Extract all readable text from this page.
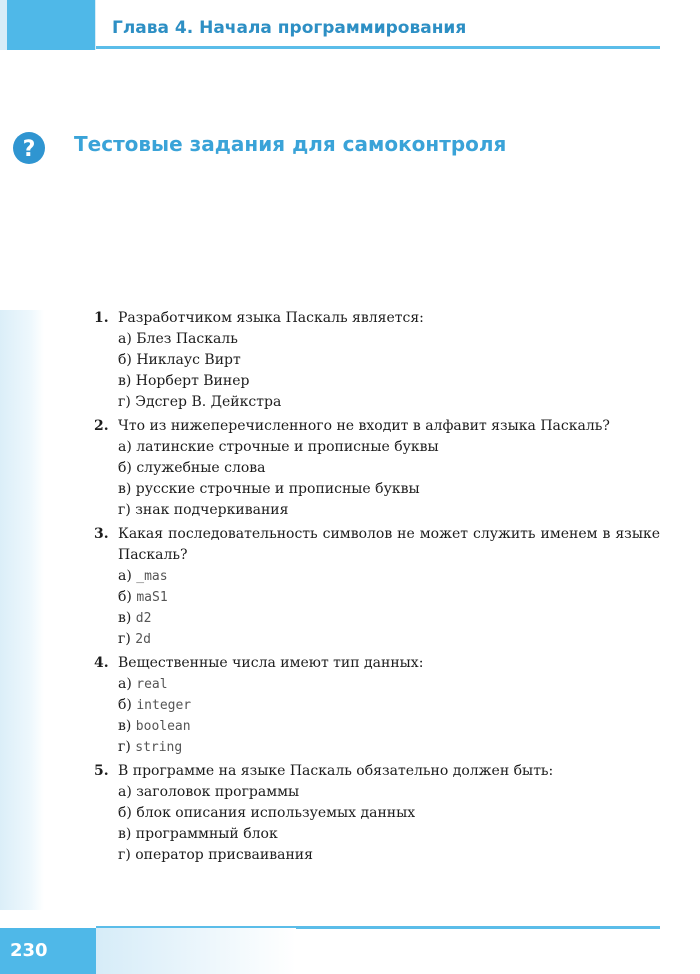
Глава 4. Начала программирования
? Тестовые задания для самоконтроля
1. Разработчиком языка Паскаль является:
а) Блез Паскаль
б) Никлаус Вирт
в) Норберт Винер
г) Эдсгер В. Дейкстра
2. Что из нижеперечисленного не входит в алфавит языка Паскаль?
а) латинские строчные и прописные буквы
б) служебные слова
в) русские строчные и прописные буквы
г) знак подчеркивания
3. Какая последовательность символов не может служить именем в языке Паскаль?
а) _mas
б) maS1
в) d2
г) 2d
4. Вещественные числа имеют тип данных:
а) real
б) integer
в) boolean
г) string
5. В программе на языке Паскаль обязательно должен быть:
а) заголовок программы
б) блок описания используемых данных
в) программный блок
г) оператор присваивания
230
